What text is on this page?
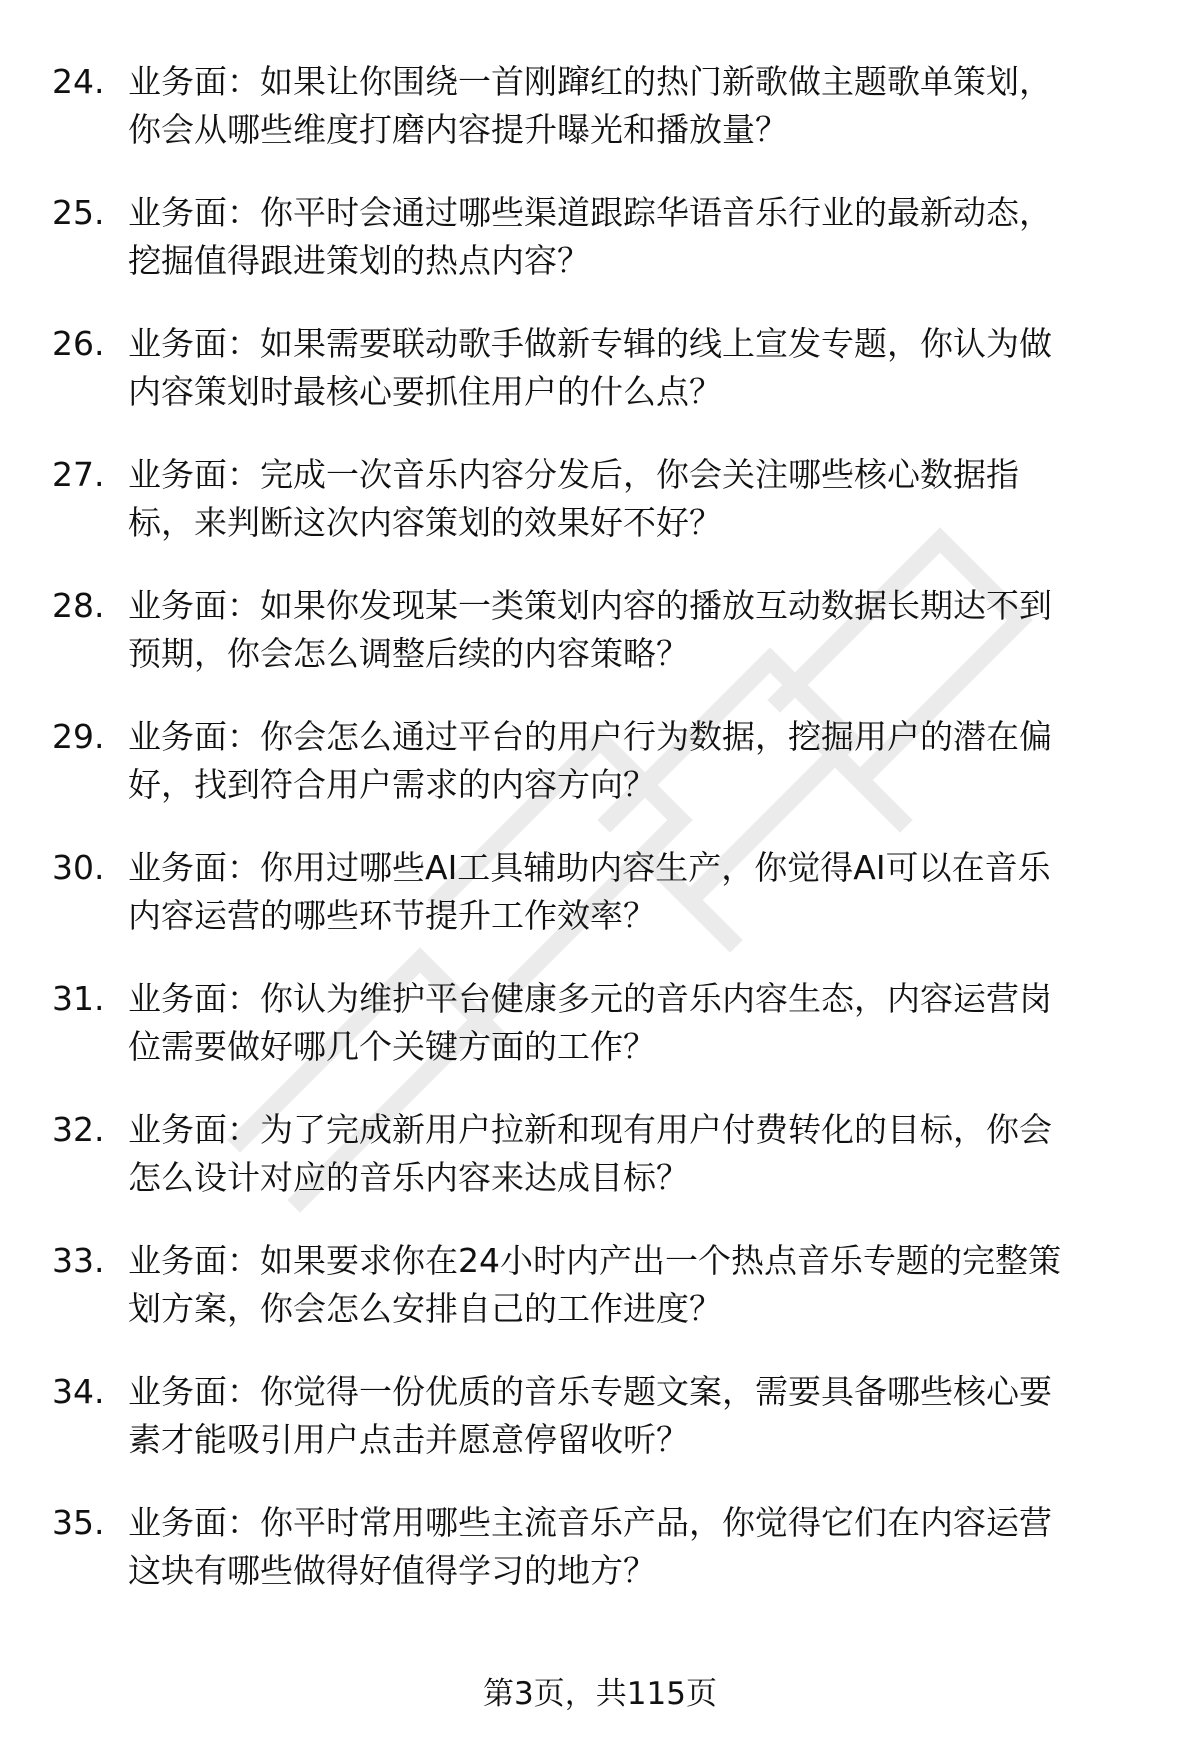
24. 业务面：如果让你围绕一首刚蹿红的热门新歌做主题歌单策划，
你会从哪些维度打磨内容提升曝光和播放量？
25. 业务面：你平时会通过哪些渠道跟踪华语音乐行业的最新动态，
挖掘值得跟进策划的热点内容？
26. 业务面：如果需要联动歌手做新专辑的线上宣发专题，你认为做
内容策划时最核心要抓住用户的什么点？
27. 业务面：完成一次音乐内容分发后，你会关注哪些核心数据指
标，来判断这次内容策划的效果好不好？
28. 业务面：如果你发现某一类策划内容的播放互动数据长期达不到
预期，你会怎么调整后续的内容策略？
29. 业务面：你会怎么通过平台的用户行为数据，挖掘用户的潜在偏
好，找到符合用户需求的内容方向？
30. 业务面：你用过哪些AI工具辅助内容生产，你觉得AI可以在音乐
内容运营的哪些环节提升工作效率？
31. 业务面：你认为维护平台健康多元的音乐内容生态，内容运营岗
位需要做好哪几个关键方面的工作？
32. 业务面：为了完成新用户拉新和现有用户付费转化的目标，你会
怎么设计对应的音乐内容来达成目标？
33. 业务面：如果要求你在24小时内产出一个热点音乐专题的完整策
划方案，你会怎么安排自己的工作进度？
34. 业务面：你觉得一份优质的音乐专题文案，需要具备哪些核心要
素才能吸引用户点击并愿意停留收听？
35. 业务面：你平时常用哪些主流音乐产品，你觉得它们在内容运营
这块有哪些做得好值得学习的地方？
第3页，共115页
